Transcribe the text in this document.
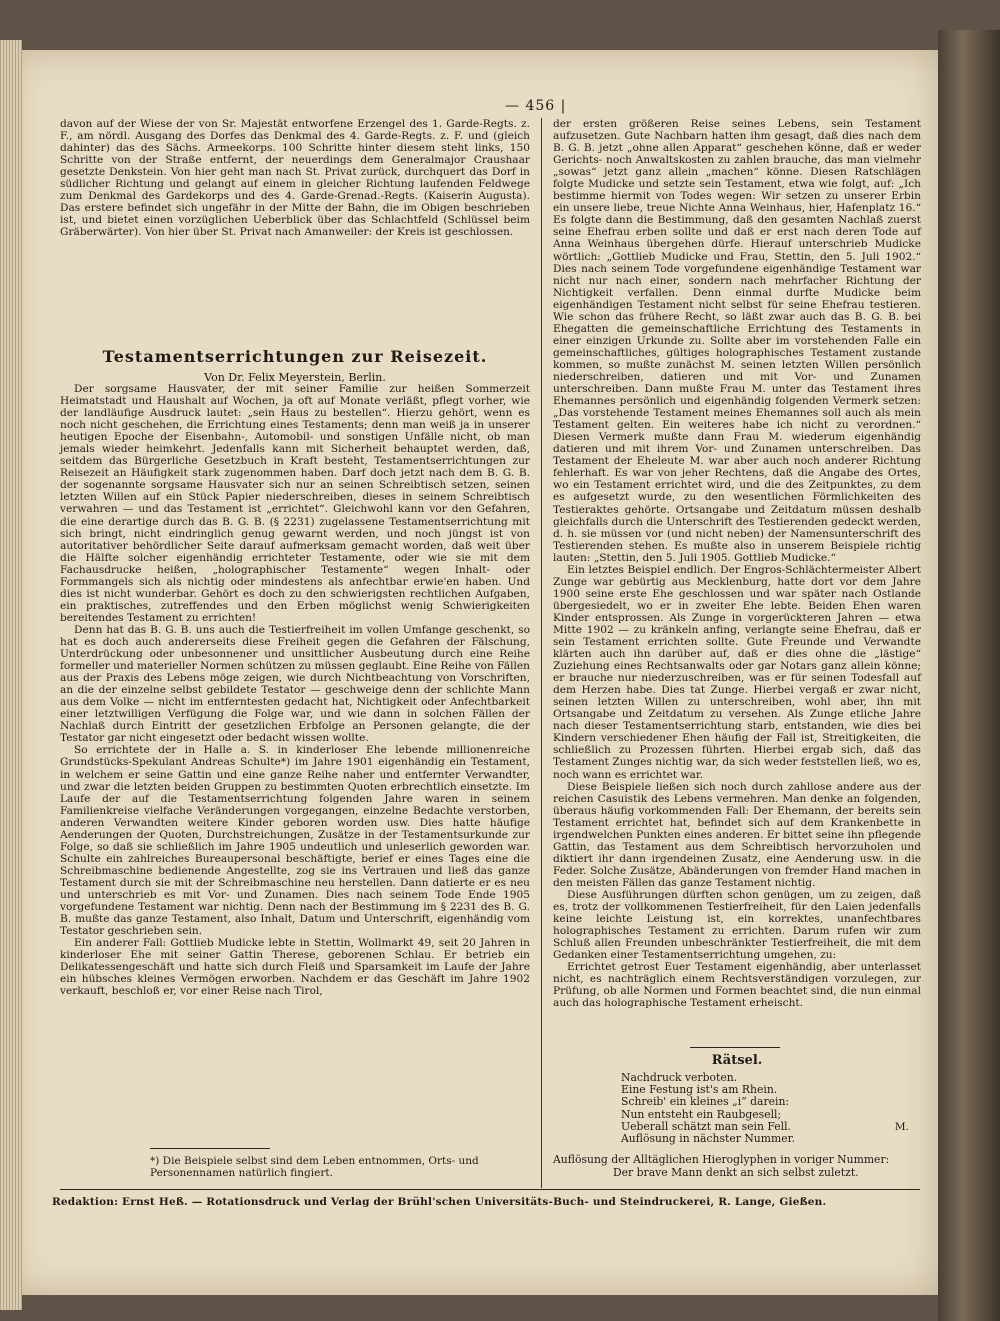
— 456 |

davon auf der Wiese der von Sr. Majestät entworfene Erzengel des 1. Garde-Regts. z. F., am nördl. Ausgang des Dorfes das Denkmal des 4. Garde-Regts. z. F. und (gleich dahinter) das des Sächs. Armeekorps. 100 Schritte hinter diesem steht links, 150 Schritte von der Straße entfernt, der neuerdings dem Generalmajor Craushaar gesetzte Denkstein. Von hier geht man nach St. Privat zurück, durchquert das Dorf in südlicher Richtung und gelangt auf einem in gleicher Richtung laufenden Feldwege zum Denkmal des Gardekorps und des 4. Garde-Grenad.-Regts. (Kaiserin Augusta). Das erstere befindet sich ungefähr in der Mitte der Bahn, die im Obigen beschrieben ist, und bietet einen vorzüglichen Ueberblick über das Schlachtfeld (Schlüssel beim Gräberwärter). Von hier über St. Privat nach Amanweiler: der Kreis ist geschlossen.

Testamentserrichtungen zur Reisezeit.
Von Dr. Felix Meyerstein, Berlin.

Der sorgsame Hausvater, der mit seiner Familie zur heißen Sommerzeit Heimatstadt und Haushalt auf Wochen, ja oft auf Monate verläßt, pflegt vorher, wie der landläufige Ausdruck lautet: „sein Haus zu bestellen“. Hierzu gehört, wenn es noch nicht geschehen, die Errichtung eines Testaments; denn man weiß ja in unserer heutigen Epoche der Eisenbahn-, Automobil- und sonstigen Unfälle nicht, ob man jemals wieder heimkehrt. Jedenfalls kann mit Sicherheit behauptet werden, daß, seitdem das Bürgerliche Gesetzbuch in Kraft besteht, Testamentserrichtungen zur Reisezeit an Häufigkeit stark zugenommen haben. Darf doch jetzt nach dem B. G. B. der sogenannte sorgsame Hausvater sich nur an seinen Schreibtisch setzen, seinen letzten Willen auf ein Stück Papier niederschreiben, dieses in seinem Schreibtisch verwahren — und das Testament ist „errichtet“. Gleichwohl kann vor den Gefahren, die eine derartige durch das B. G. B. (§ 2231) zugelassene Testamentserrichtung mit sich bringt, nicht eindringlich genug gewarnt werden, und noch jüngst ist von autoritativer behördlicher Seite darauf aufmerksam gemacht worden, daß weit über die Hälfte solcher eigenhändig errichteter Testamente, oder wie sie mit dem Fachausdrucke heißen, „holographischer Testamente“ wegen Inhalt- oder Formmangels sich als nichtig oder mindestens als anfechtbar erwie'en haben. Und dies ist nicht wunderbar. Gehört es doch zu den schwierigsten rechtlichen Aufgaben, ein praktisches, zutreffendes und den Erben möglichst wenig Schwierigkeiten bereitendes Testament zu errichten!

Denn hat das B. G. B. uns auch die Testierfreiheit im vollen Umfange geschenkt, so hat es doch auch andererseits diese Freiheit gegen die Gefahren der Fälschung, Unterdrückung oder unbesonnener und unsittlicher Ausbeutung durch eine Reihe formeller und materieller Normen schützen zu müssen geglaubt. Eine Reihe von Fällen aus der Praxis des Lebens möge zeigen, wie durch Nichtbeachtung von Vorschriften, an die der einzelne selbst gebildete Testator — geschweige denn der schlichte Mann aus dem Volke — nicht im entferntesten gedacht hat, Nichtigkeit oder Anfechtbarkeit einer letztwilligen Verfügung die Folge war, und wie dann in solchen Fällen der Nachlaß durch Eintritt der gesetzlichen Erbfolge an Personen gelangte, die der Testator gar nicht eingesetzt oder bedacht wissen wollte.

So errichtete der in Halle a. S. in kinderloser Ehe lebende millionenreiche Grundstücks-Spekulant Andreas Schulte*) im Jahre 1901 eigenhändig ein Testament, in welchem er seine Gattin und eine ganze Reihe naher und entfernter Verwandter, und zwar die letzten beiden Gruppen zu bestimmten Quoten erbrechtlich einsetzte. Im Laufe der auf die Testamentserrichtung folgenden Jahre waren in seinem Familienkreise vielfache Veränderungen vorgegangen, einzelne Bedachte verstorben, anderen Verwandten weitere Kinder geboren worden usw. Dies hatte häufige Aenderungen der Quoten, Durchstreichungen, Zusätze in der Testamentsurkunde zur Folge, so daß sie schließlich im Jahre 1905 undeutlich und unleserlich geworden war. Schulte ein zahlreiches Bureaupersonal beschäftigte, berief er eines Tages eine die Schreibmaschine bedienende Angestellte, zog sie ins Vertrauen und ließ das ganze Testament durch sie mit der Schreibmaschine neu herstellen. Dann datierte er es neu und unterschrieb es mit Vor- und Zunamen. Dies nach seinem Tode Ende 1905 vorgefundene Testament war nichtig. Denn nach der Bestimmung im § 2231 des B. G. B. mußte das ganze Testament, also Inhalt, Datum und Unterschrift, eigenhändig vom Testator geschrieben sein.

Ein anderer Fall: Gottlieb Mudicke lebte in Stettin, Wollmarkt 49, seit 20 Jahren in kinderloser Ehe mit seiner Gattin Therese, geborenen Schlau. Er betrieb ein Delikatessengeschäft und hatte sich durch Fleiß und Sparsamkeit im Laufe der Jahre ein hübsches kleines Vermögen erworben. Nachdem er das Geschäft im Jahre 1902 verkauft, beschloß er, vor einer Reise nach Tirol,

*) Die Beispiele selbst sind dem Leben entnommen, Orts- und Personennamen natürlich fingiert.

der ersten größeren Reise seines Lebens, sein Testament aufzusetzen. Gute Nachbarn hatten ihm gesagt, daß dies nach dem B. G. B. jetzt „ohne allen Apparat“ geschehen könne, daß er weder Gerichts- noch Anwaltskosten zu zahlen brauche, das man vielmehr „sowas“ jetzt ganz allein „machen“ könne. Diesen Ratschlägen folgte Mudicke und setzte sein Testament, etwa wie folgt, auf: „Ich bestimme hiermit von Todes wegen: Wir setzen zu unserer Erbin ein unsere liebe, treue Nichte Anna Weinhaus, hier, Hafenplatz 16.“ Es folgte dann die Bestimmung, daß den gesamten Nachlaß zuerst seine Ehefrau erben sollte und daß er erst nach deren Tode auf Anna Weinhaus übergehen dürfe. Hierauf unterschrieb Mudicke wörtlich: „Gottlieb Mudicke und Frau, Stettin, den 5. Juli 1902.“ Dies nach seinem Tode vorgefundene eigenhändige Testament war nicht nur nach einer, sondern nach mehrfacher Richtung der Nichtigkeit verfallen. Denn einmal durfte Mudicke beim eigenhändigen Testament nicht selbst für seine Ehefrau testieren. Wie schon das frühere Recht, so läßt zwar auch das B. G. B. bei Ehegatten die gemeinschaftliche Errichtung des Testaments in einer einzigen Urkunde zu. Sollte aber im vorstehenden Falle ein gemeinschaftliches, gültiges holographisches Testament zustande kommen, so mußte zunächst M. seinen letzten Willen persönlich niederschreiben, datieren und mit Vor- und Zunamen unterschreiben. Dann mußte Frau M. unter das Testament ihres Ehemannes persönlich und eigenhändig folgenden Vermerk setzen: „Das vorstehende Testament meines Ehemannes soll auch als mein Testament gelten. Ein weiteres habe ich nicht zu verordnen.“ Diesen Vermerk mußte dann Frau M. wiederum eigenhändig datieren und mit ihrem Vor- und Zunamen unterschreiben. Das Testament der Eheleute M. war aber auch noch anderer Richtung fehlerhaft. Es war von jeher Rechtens, daß die Angabe des Ortes, wo ein Testament errichtet wird, und die des Zeitpunktes, zu dem es aufgesetzt wurde, zu den wesentlichen Förmlichkeiten des Testieraktes gehörte. Ortsangabe und Zeitdatum müssen deshalb gleichfalls durch die Unterschrift des Testierenden gedeckt werden, d. h. sie müssen vor (und nicht neben) der Namensunterschrift des Testierenden stehen. Es mußte also in unserem Beispiele richtig lauten: „Stettin, den 5. Juli 1905. Gottlieb Mudicke.“

Ein letztes Beispiel endlich. Der Engros-Schlächtermeister Albert Zunge war gebürtig aus Mecklenburg, hatte dort vor dem Jahre 1900 seine erste Ehe geschlossen und war später nach Ostlande übergesiedelt, wo er in zweiter Ehe lebte. Beiden Ehen waren Kinder entsprossen. Als Zunge in vorgerückteren Jahren — etwa Mitte 1902 — zu kränkeln anfing, verlangte seine Ehefrau, daß er sein Testament errichten sollte. Gute Freunde und Verwandte klärten auch ihn darüber auf, daß er dies ohne die „lästige“ Zuziehung eines Rechtsanwalts oder gar Notars ganz allein könne; er brauche nur niederzuschreiben, was er für seinen Todesfall auf dem Herzen habe. Dies tat Zunge. Hierbei vergaß er zwar nicht, seinen letzten Willen zu unterschreiben, wohl aber, ihn mit Ortsangabe und Zeitdatum zu versehen. Als Zunge etliche Jahre nach dieser Testamentserrichtung starb, entstanden, wie dies bei Kindern verschiedener Ehen häufig der Fall ist, Streitigkeiten, die schließlich zu Prozessen führten. Hierbei ergab sich, daß das Testament Zunges nichtig war, da sich weder feststellen ließ, wo es, noch wann es errichtet war.

Diese Beispiele ließen sich noch durch zahllose andere aus der reichen Casuistik des Lebens vermehren. Man denke an folgenden, überaus häufig vorkommenden Fall: Der Ehemann, der bereits sein Testament errichtet hat, befindet sich auf dem Krankenbette in irgendwelchen Punkten eines anderen. Er bittet seine ihn pflegende Gattin, das Testament aus dem Schreibtisch hervorzuholen und diktiert ihr dann irgendeinen Zusatz, eine Aenderung usw. in die Feder. Solche Zusätze, Abänderungen von fremder Hand machen in den meisten Fällen das ganze Testament nichtig.

Diese Ausführungen dürften schon genügen, um zu zeigen, daß es, trotz der vollkommenen Testierfreiheit, für den Laien jedenfalls keine leichte Leistung ist, ein korrektes, unanfechtbares holographisches Testament zu errichten. Darum rufen wir zum Schluß allen Freunden unbeschränkter Testierfreiheit, die mit dem Gedanken einer Testamentserrichtung umgehen, zu:

Errichtet getrost Euer Testament eigenhändig, aber unterlasset nicht, es nachträglich einem Rechtsverständigen vorzulegen, zur Prüfung, ob alle Normen und Formen beachtet sind, die nun einmal auch das holographische Testament erheischt.

Rätsel.
Nachdruck verboten.
Eine Festung ist's am Rhein.
Schreib' ein kleines „i“ darein:
Nun entsteht ein Raubgesell;
Ueberall schätzt man sein Fell.
Auflösung in nächster Nummer.
M.
Auflösung der Alltäglichen Hieroglyphen in voriger Nummer:
Der brave Mann denkt an sich selbst zuletzt.
Redaktion: Ernst Heß. — Rotationsdruck und Verlag der Brühl'schen Universitäts-Buch- und Steindruckerei, R. Lange, Gießen.
